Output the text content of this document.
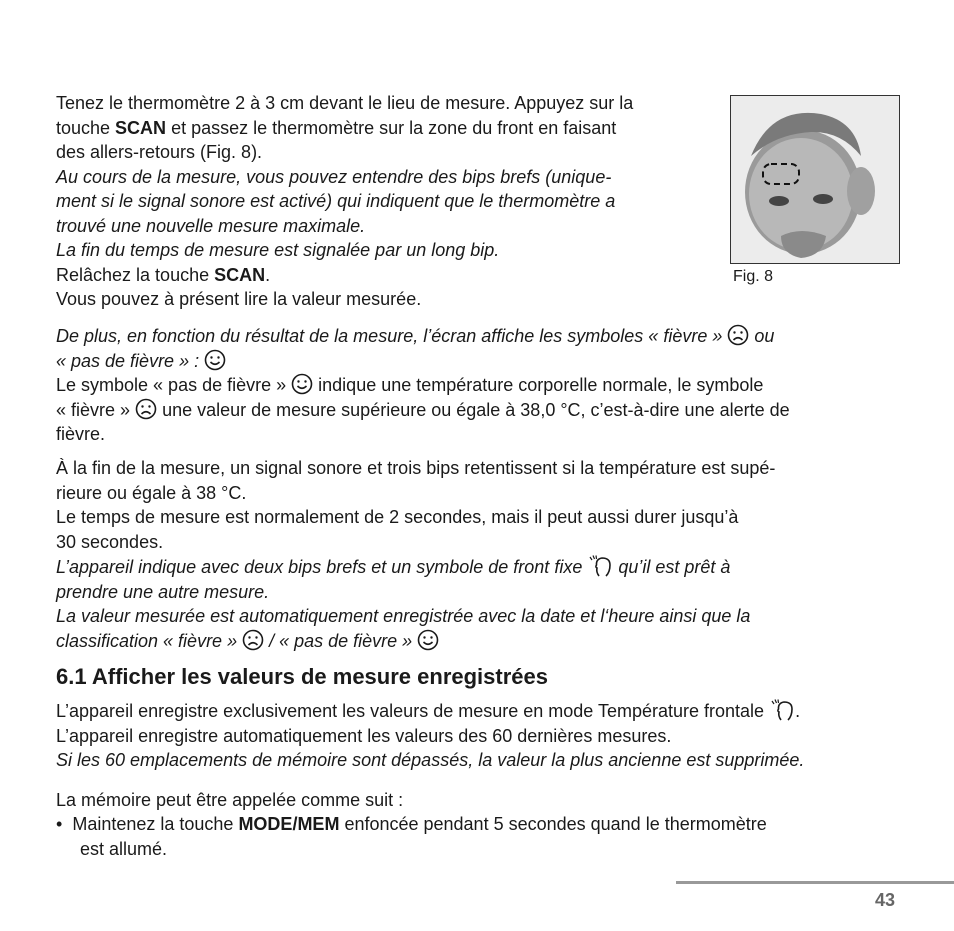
Tenez le thermomètre 2 à 3 cm devant le lieu de mesure. Appuyez sur la
touche SCAN et passez le thermomètre sur la zone du front en faisant
des allers-retours (Fig. 8).
Au cours de la mesure, vous pouvez entendre des bips brefs (unique-
ment si le signal sonore est activé) qui indiquent que le thermomètre a
trouvé une nouvelle mesure maximale.
La fin du temps de mesure est signalée par un long bip.
Relâchez la touche SCAN.
Vous pouvez à présent lire la valeur mesurée.
Fig. 8
De plus, en fonction du résultat de la mesure, l’écran affiche les symboles « fièvre »  ou
« pas de fièvre » :
Le symbole « pas de fièvre »  indique une température corporelle normale, le symbole
« fièvre »  une valeur de mesure supérieure ou égale à 38,0 °C, c’est-à-dire une alerte de
fièvre.
À la fin de la mesure, un signal sonore et trois bips retentissent si la température est supé-
rieure ou égale à 38 °C.
Le temps de mesure est normalement de 2 secondes, mais il peut aussi durer jusqu’à
30 secondes.
L’appareil indique avec deux bips brefs et un symbole de front fixe  qu’il est prêt à
prendre une autre mesure.
La valeur mesurée est automatiquement enregistrée avec la date et l‘heure ainsi que la
classification « fièvre »  / « pas de fièvre »
6.1 Afficher les valeurs de mesure enregistrées
L’appareil enregistre exclusivement les valeurs de mesure en mode Température frontale .
L’appareil enregistre automatiquement les valeurs des 60 dernières mesures.
Si les 60 emplacements de mémoire sont dépassés, la valeur la plus ancienne est supprimée.
La mémoire peut être appelée comme suit :
• Maintenez la touche MODE/MEM enfoncée pendant 5 secondes quand le thermomètre
est allumé.
43
